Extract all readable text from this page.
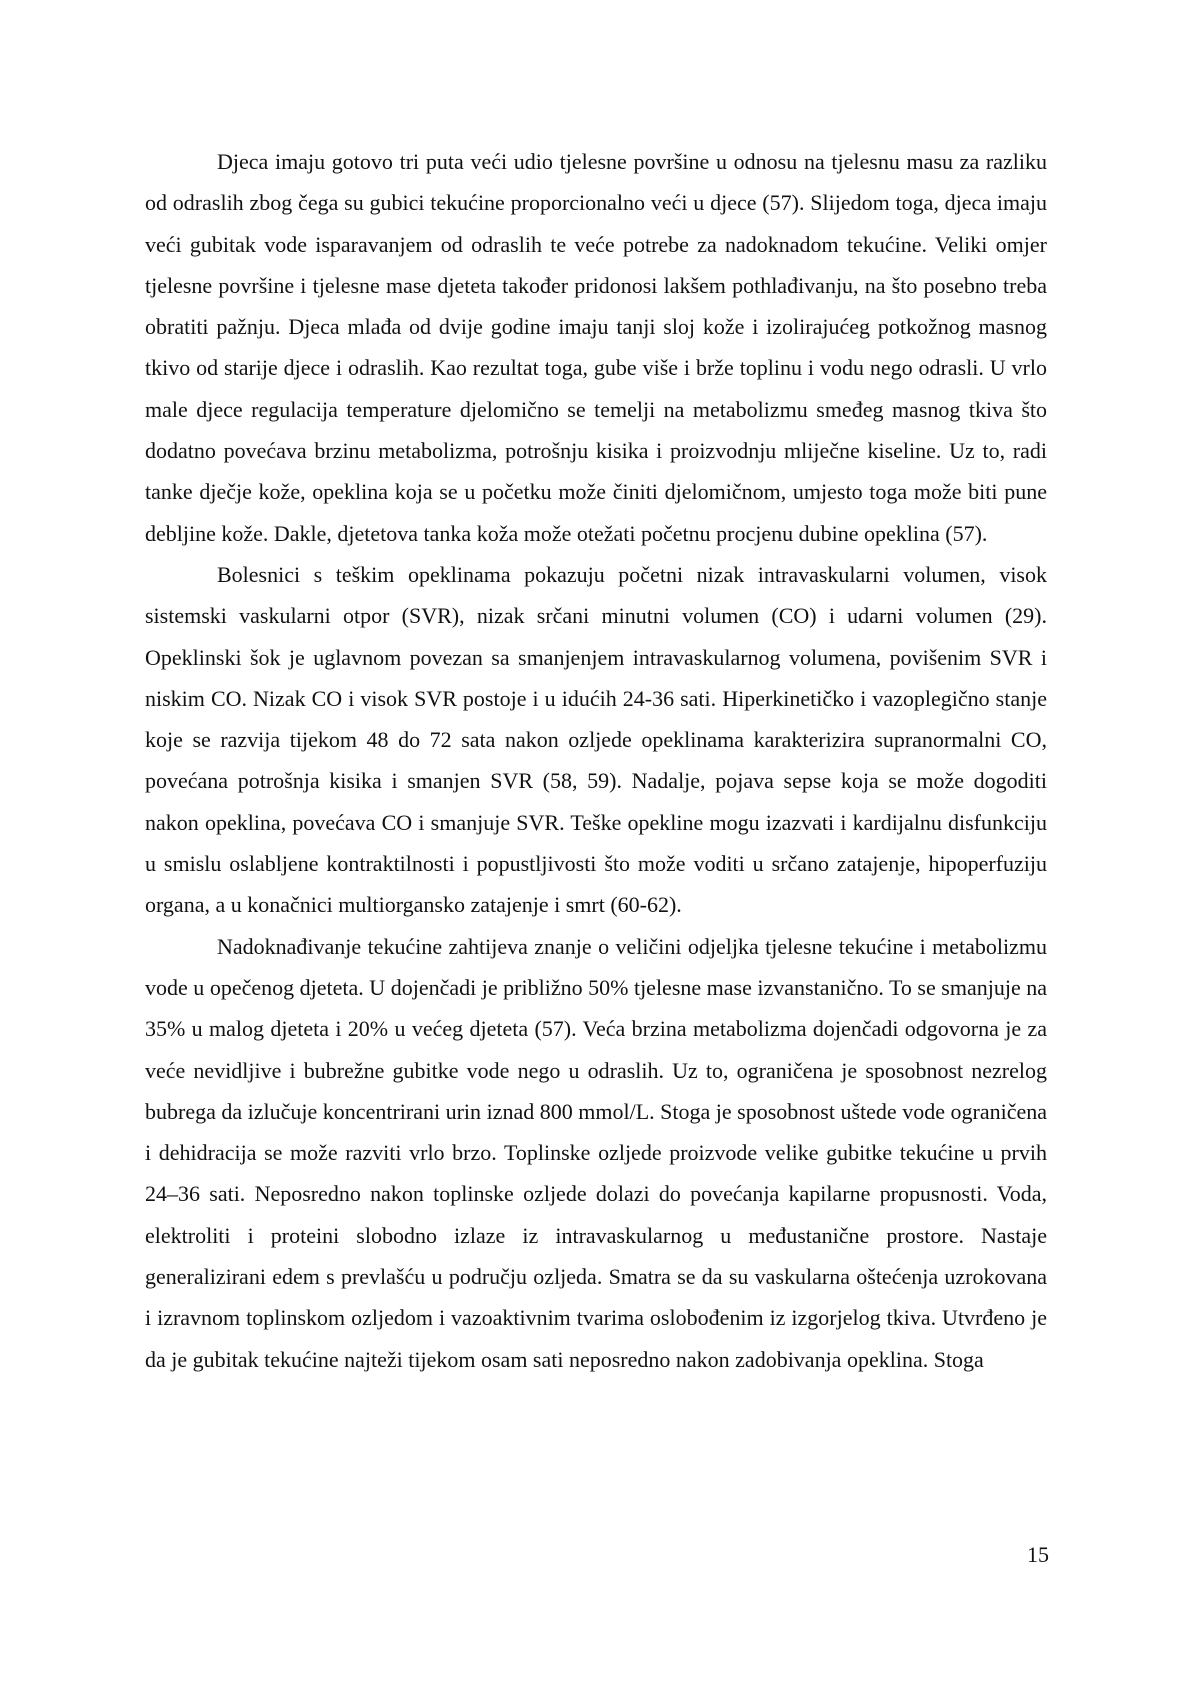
Djeca imaju gotovo tri puta veći udio tjelesne površine u odnosu na tjelesnu masu za razliku od odraslih zbog čega su gubici tekućine proporcionalno veći u djece (57). Slijedom toga, djeca imaju veći gubitak vode isparavanjem od odraslih te veće potrebe za nadoknadom tekućine. Veliki omjer tjelesne površine i tjelesne mase djeteta također pridonosi lakšem pothlađivanju, na što posebno treba obratiti pažnju. Djeca mlađa od dvije godine imaju tanji sloj kože i izolirajućeg potkožnog masnog tkivo od starije djece i odraslih. Kao rezultat toga, gube više i brže toplinu i vodu nego odrasli. U vrlo male djece regulacija temperature djelomično se temelji na metabolizmu smeđeg masnog tkiva što dodatno povećava brzinu metabolizma, potrošnju kisika i proizvodnju mliječne kiseline. Uz to, radi tanke dječje kože, opeklina koja se u početku može činiti djelomičnom, umjesto toga može biti pune debljine kože. Dakle, djetetova tanka koža može otežati početnu procjenu dubine opeklina (57).

Bolesnici s teškim opeklinama pokazuju početni nizak intravaskularni volumen, visok sistemski vaskularni otpor (SVR), nizak srčani minutni volumen (CO) i udarni volumen (29). Opeklinski šok je uglavnom povezan sa smanjenjem intravaskularnog volumena, povišenim SVR i niskim CO. Nizak CO i visok SVR postoje i u idućih 24-36 sati. Hiperkinetičko i vazoplegično stanje koje se razvija tijekom 48 do 72 sata nakon ozljede opeklinama karakterizira supranormalni CO, povećana potrošnja kisika i smanjen SVR (58, 59). Nadalje, pojava sepse koja se može dogoditi nakon opeklina, povećava CO i smanjuje SVR. Teške opekline mogu izazvati i kardijalnu disfunkciju u smislu oslabljene kontraktilnosti i popustljivosti što može voditi u srčano zatajenje, hipoperfuziju organa, a u konačnici multiorgansko zatajenje i smrt (60-62).

Nadoknađivanje tekućine zahtijeva znanje o veličini odjeljka tjelesne tekućine i metabolizmu vode u opečenog djeteta. U dojenčadi je približno 50% tjelesne mase izvanstanično. To se smanjuje na 35% u malog djeteta i 20% u većeg djeteta (57). Veća brzina metabolizma dojenčadi odgovorna je za veće nevidljive i bubrežne gubitke vode nego u odraslih. Uz to, ograničena je sposobnost nezrelog bubrega da izlučuje koncentrirani urin iznad 800 mmol/L. Stoga je sposobnost uštede vode ograničena i dehidracija se može razviti vrlo brzo. Toplinske ozljede proizvode velike gubitke tekućine u prvih 24–36 sati. Neposredno nakon toplinske ozljede dolazi do povećanja kapilarne propusnosti. Voda, elektroliti i proteini slobodno izlaze iz intravaskularnog u međustanične prostore. Nastaje generalizirani edem s prevlašću u području ozljeda. Smatra se da su vaskularna oštećenja uzrokovana i izravnom toplinskom ozljedom i vazoaktivnim tvarima oslobođenim iz izgorjelog tkiva. Utvrđeno je da je gubitak tekućine najteži tijekom osam sati neposredno nakon zadobivanja opeklina. Stoga

15
